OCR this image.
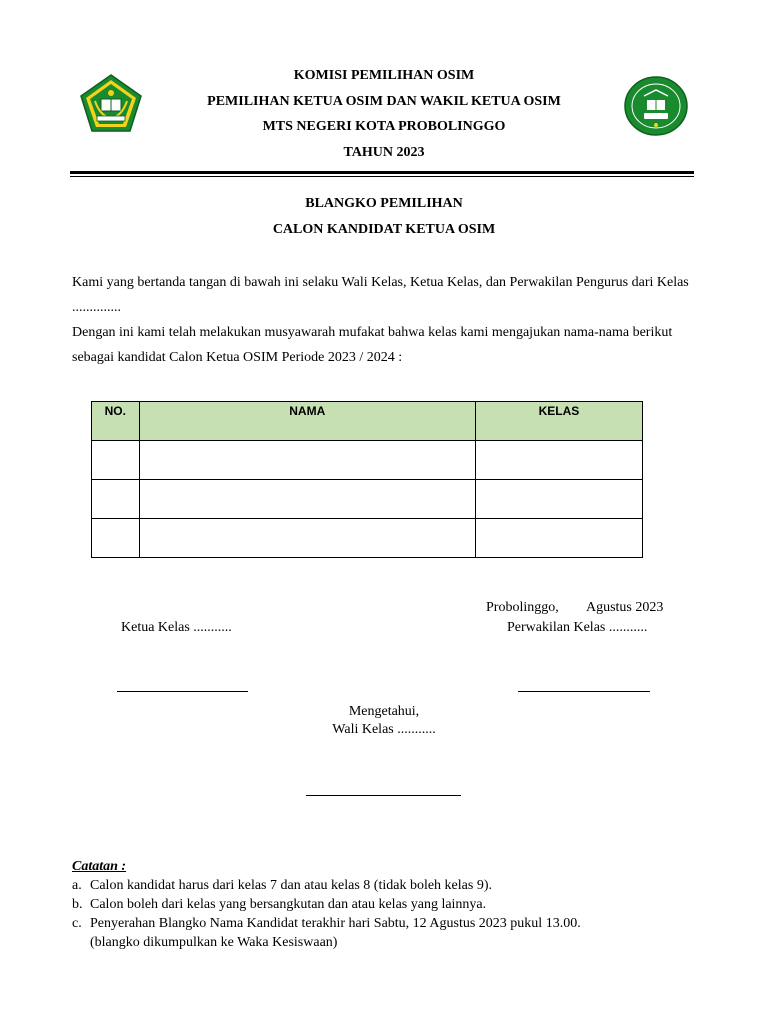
KOMISI PEMILIHAN OSIM
PEMILIHAN KETUA OSIM DAN WAKIL KETUA OSIM
MTS NEGERI KOTA PROBOLINGGO
TAHUN 2023
BLANGKO PEMILIHAN
CALON KANDIDAT KETUA OSIM
Kami yang bertanda tangan di bawah ini selaku Wali Kelas, Ketua Kelas, dan Perwakilan Pengurus dari Kelas ..............
Dengan ini kami telah melakukan musyawarah mufakat bahwa kelas kami mengajukan nama-nama berikut sebagai kandidat Calon Ketua OSIM Periode 2023 / 2024 :
NO.	NAMA	KELAS

Probolinggo,        Agustus 2023
Ketua Kelas ...........	Perwakilan Kelas ...........
Mengetahui,
Wali Kelas ...........
Catatan :
a. Calon kandidat harus dari kelas 7 dan atau kelas 8 (tidak boleh kelas 9).
b. Calon boleh dari kelas yang bersangkutan dan atau kelas yang lainnya.
c. Penyerahan Blangko Nama Kandidat terakhir hari Sabtu, 12 Agustus 2023 pukul 13.00.
(blangko dikumpulkan ke Waka Kesiswaan)
